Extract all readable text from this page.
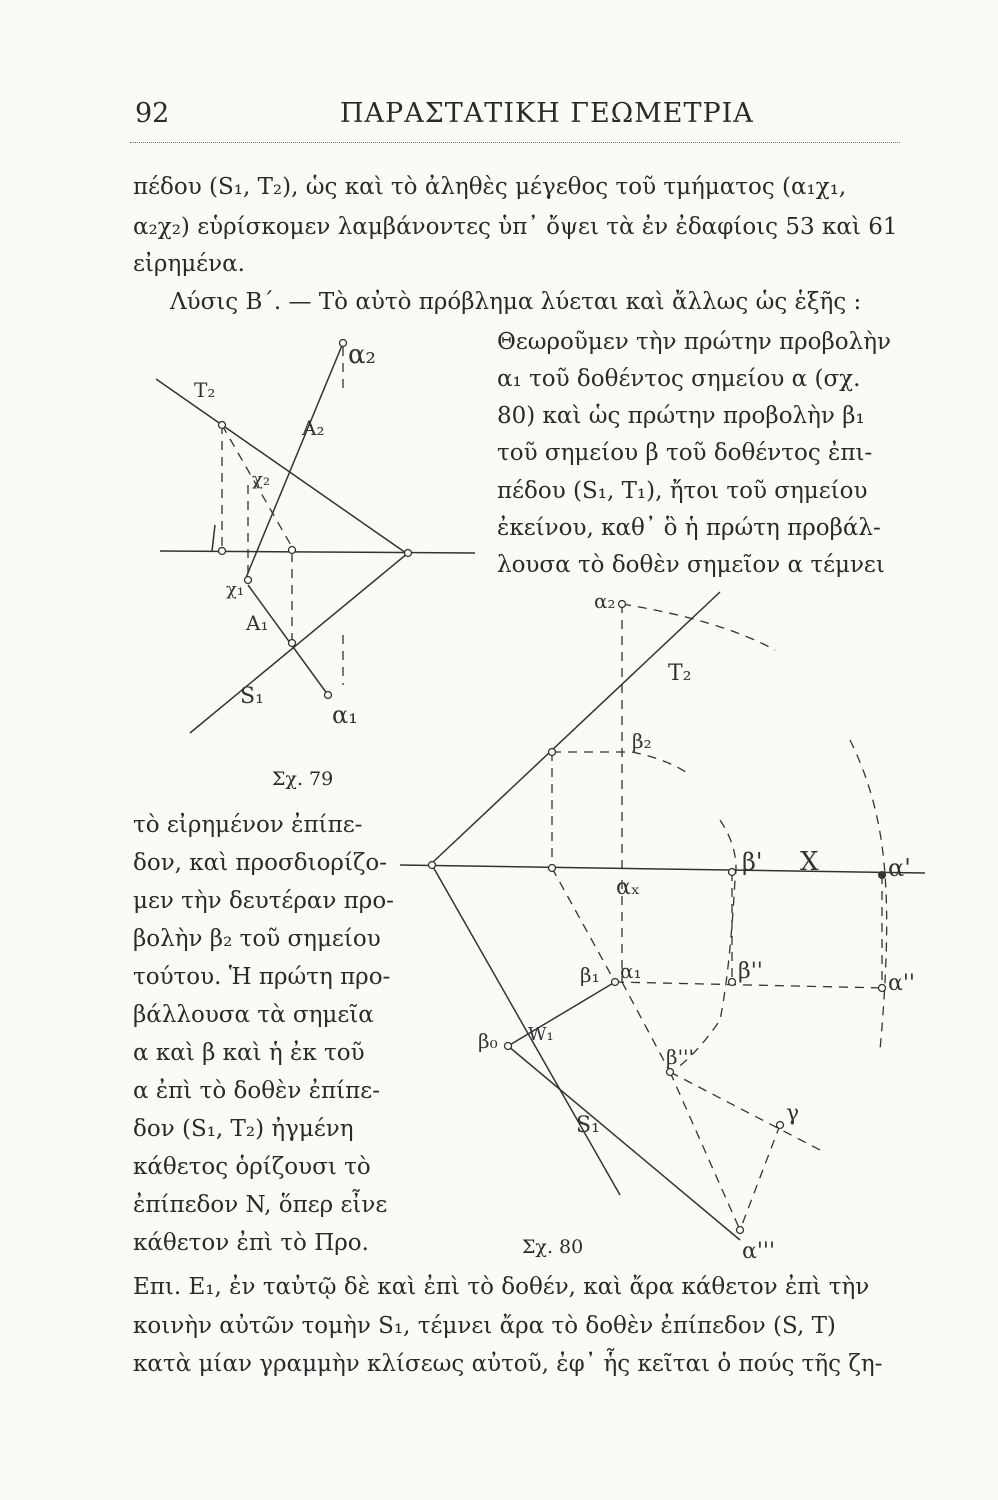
92	ΠΑΡΑΣΤΑΤΙΚΗ ΓΕΩΜΕΤΡΙΑ
πέδου (S₁, T₂), ὡς καὶ τὸ ἀληθὲς μέγεθος τοῦ τμήματος (α₁χ₁,
α₂χ₂) εὑρίσκομεν λαμβάνοντες ὑπ᾽ ὄψει τὰ ἐν ἐδαφίοις 53 καὶ 61
εἰρημένα.
Λύσις Β΄. — Τὸ αὐτὸ πρόβλημα λύεται καὶ ἄλλως ὡς ἑξῆς :
Θεωροῦμεν τὴν πρώτην προβολὴν
α₁ τοῦ δοθέντος σημείου α (σχ.
80) καὶ ὡς πρώτην προβολὴν β₁
τοῦ σημείου β τοῦ δοθέντος ἐπι-
πέδου (S₁, T₁), ἤτοι τοῦ σημείου
ἐκείνου, καθ᾽ ὃ ἡ πρώτη προβάλ-
λουσα τὸ δοθὲν σημεῖον α τέμνει
α₂
T₂
A₂
χ₂
χ₁
A₁
S₁
α₁
Σχ. 79
τὸ εἰρημένον ἐπίπε-
δον, καὶ προσδιορίζο-
μεν τὴν δευτέραν προ-
βολὴν β₂ τοῦ σημείου
τούτου. Ἡ πρώτη προ-
βάλλουσα τὰ σημεῖα
α καὶ β καὶ ἡ ἐκ τοῦ
α ἐπὶ τὸ δοθὲν ἐπίπε-
δον (S₁, T₂) ἠγμένη
κάθετος ὁρίζουσι τὸ
ἐπίπεδον N, ὅπερ εἶνε
κάθετον ἐπὶ τὸ Προ.
α₂
T₂
β₂
β' X	α'
αₓ
β₁ α₁	β''	α''
β₀ W₁
β'''
S₁	γ
α'''
Σχ. 80
Επι. E₁, ἐν ταὐτῷ δὲ καὶ ἐπὶ τὸ δοθέν, καὶ ἄρα κάθετον ἐπὶ τὴν
κοινὴν αὐτῶν τομὴν S₁, τέμνει ἄρα τὸ δοθὲν ἐπίπεδον (S, T)
κατὰ μίαν γραμμὴν κλίσεως αὐτοῦ, ἐφ᾽ ἧς κεῖται ὁ πούς τῆς ζη-
